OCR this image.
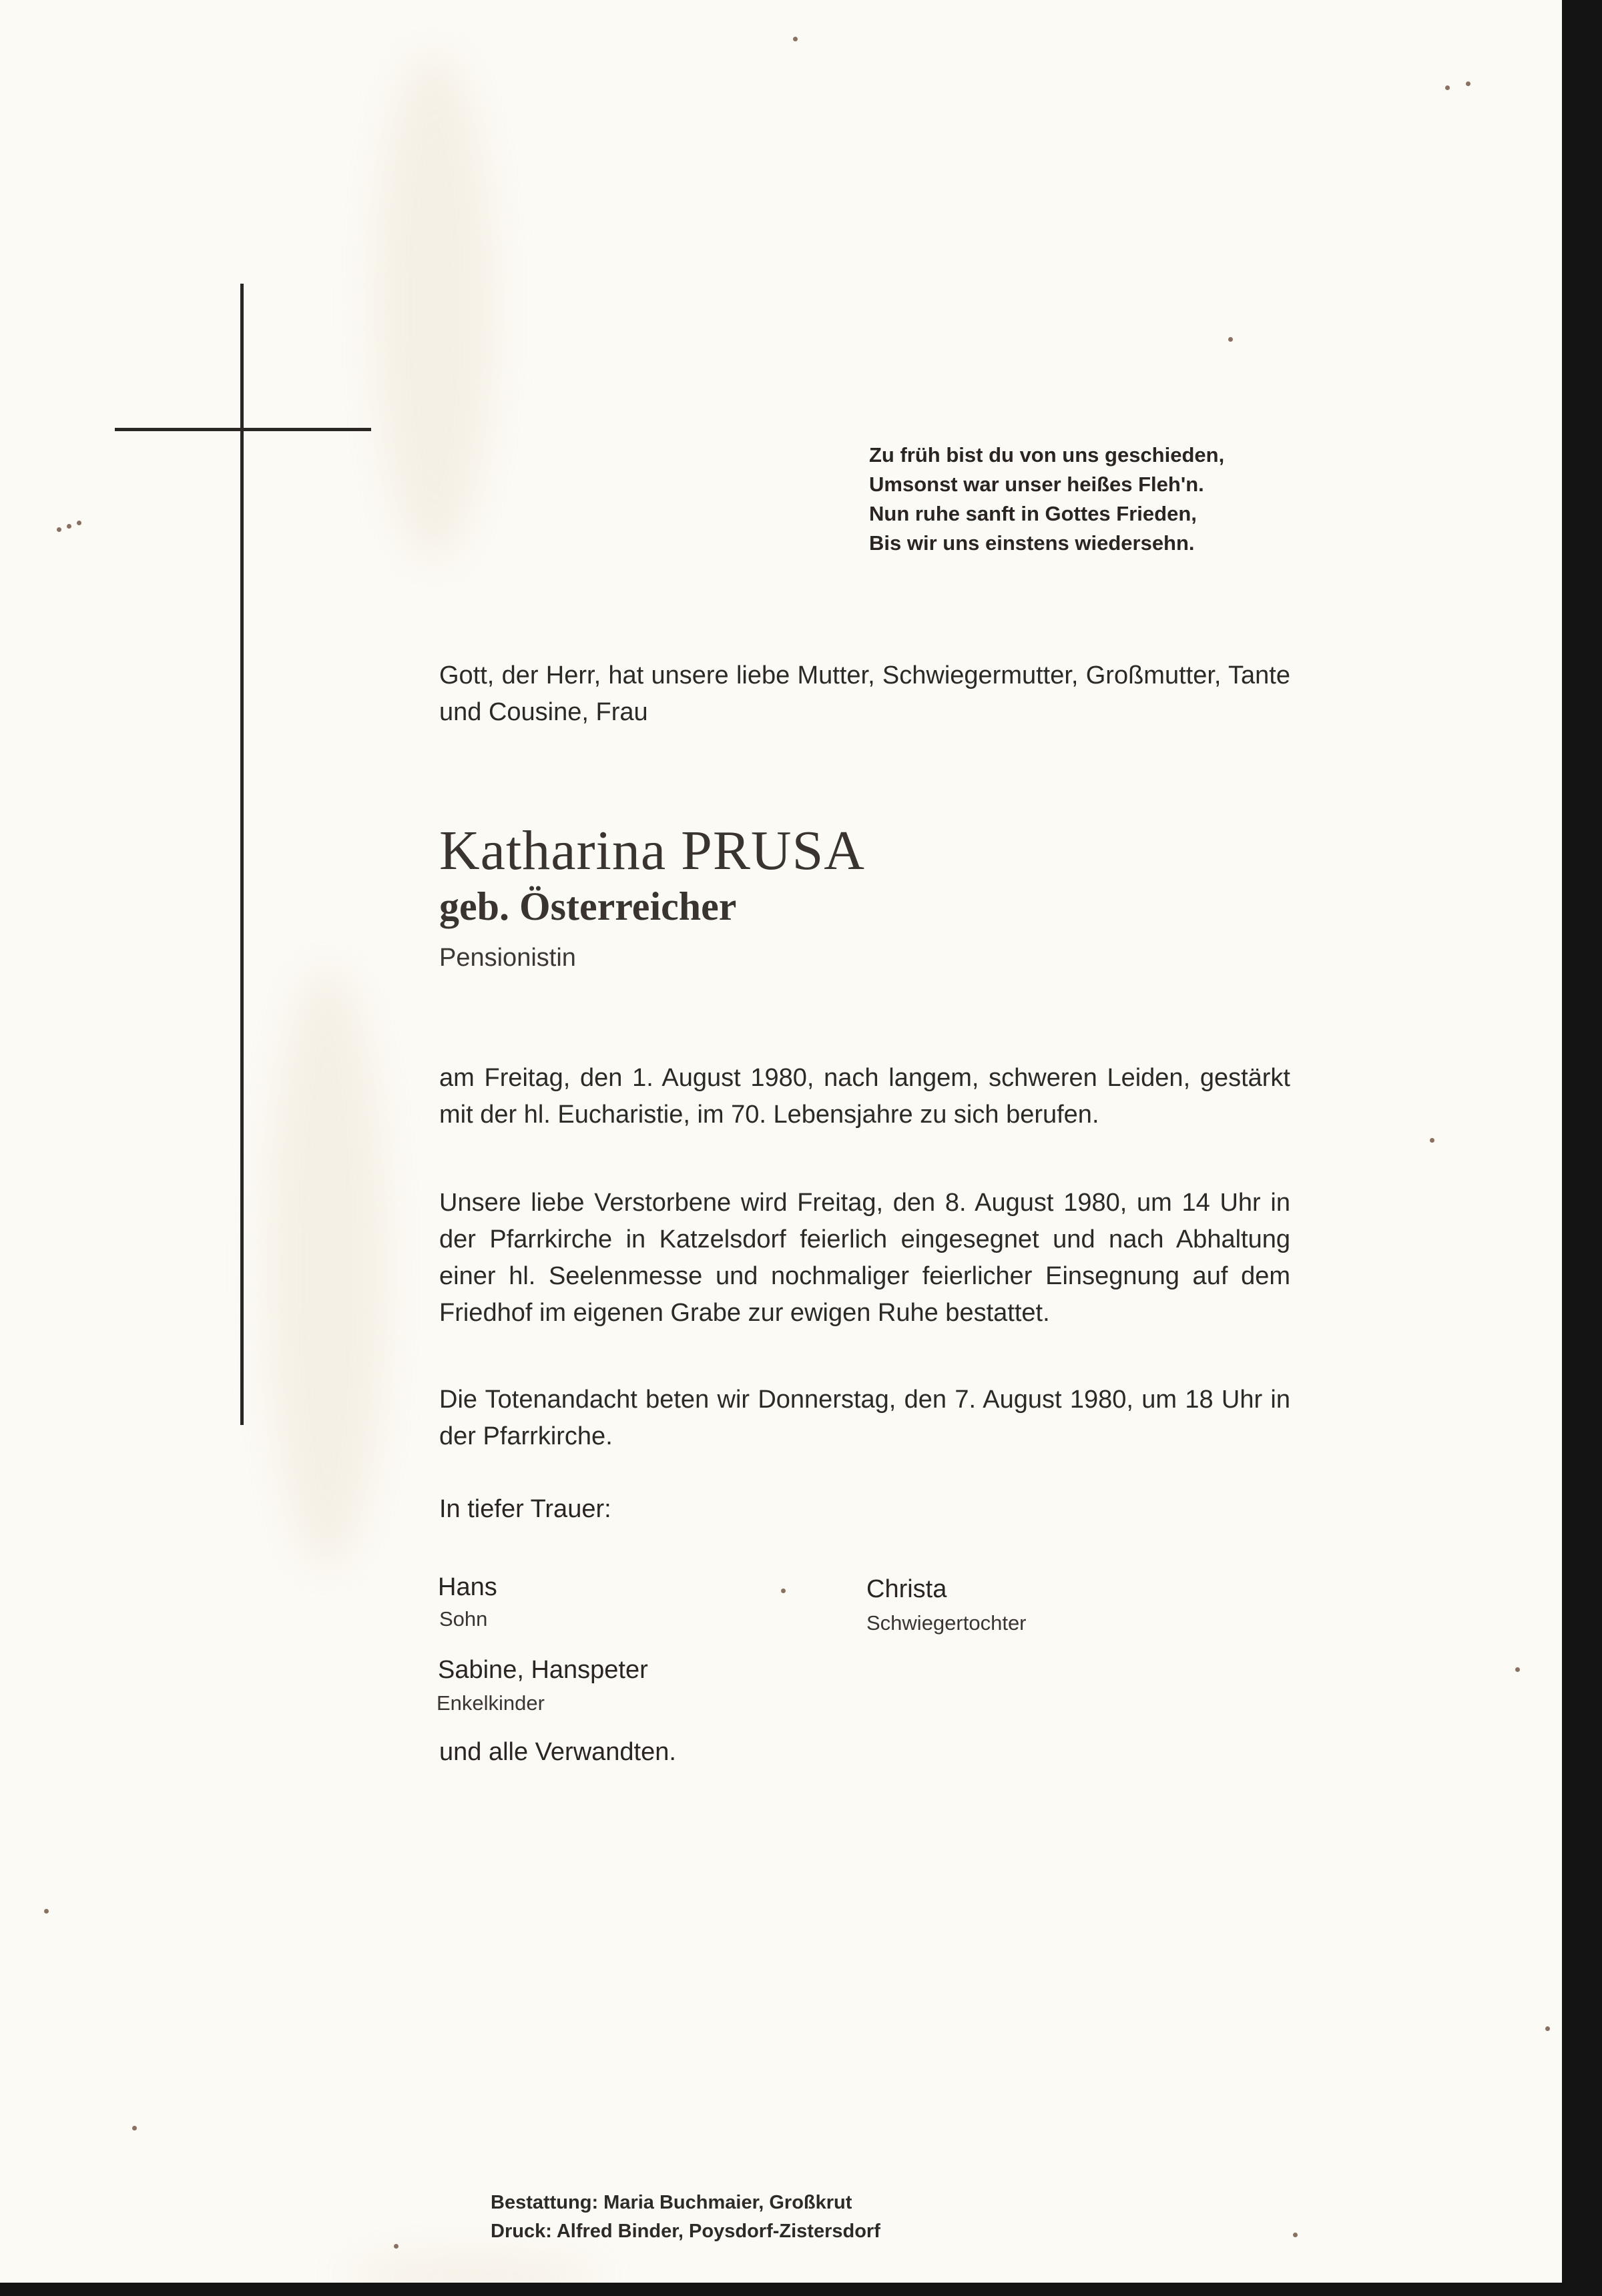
Zu früh bist du von uns geschieden,
Umsonst war unser heißes Fleh'n.
Nun ruhe sanft in Gottes Frieden,
Bis wir uns einstens wiedersehn.
Gott, der Herr, hat unsere liebe Mutter, Schwiegermutter, Großmutter, Tante und Cousine, Frau
Katharina PRUSA
geb. Österreicher
Pensionistin
am Freitag, den 1. August 1980, nach langem, schweren Leiden, gestärkt mit der hl. Eucharistie, im 70. Lebensjahre zu sich berufen.
Unsere liebe Verstorbene wird Freitag, den 8. August 1980, um 14 Uhr in der Pfarrkirche in Katzelsdorf feierlich eingesegnet und nach Abhaltung einer hl. Seelenmesse und nochmaliger feierlicher Einsegnung auf dem Friedhof im eigenen Grabe zur ewigen Ruhe bestattet.
Die Totenandacht beten wir Donnerstag, den 7. August 1980, um 18 Uhr in der Pfarrkirche.
In tiefer Trauer:
Hans
Sohn
Christa
Schwiegertochter
Sabine, Hanspeter
Enkelkinder
und alle Verwandten.
Bestattung: Maria Buchmaier, Großkrut
Druck: Alfred Binder, Poysdorf-Zistersdorf
